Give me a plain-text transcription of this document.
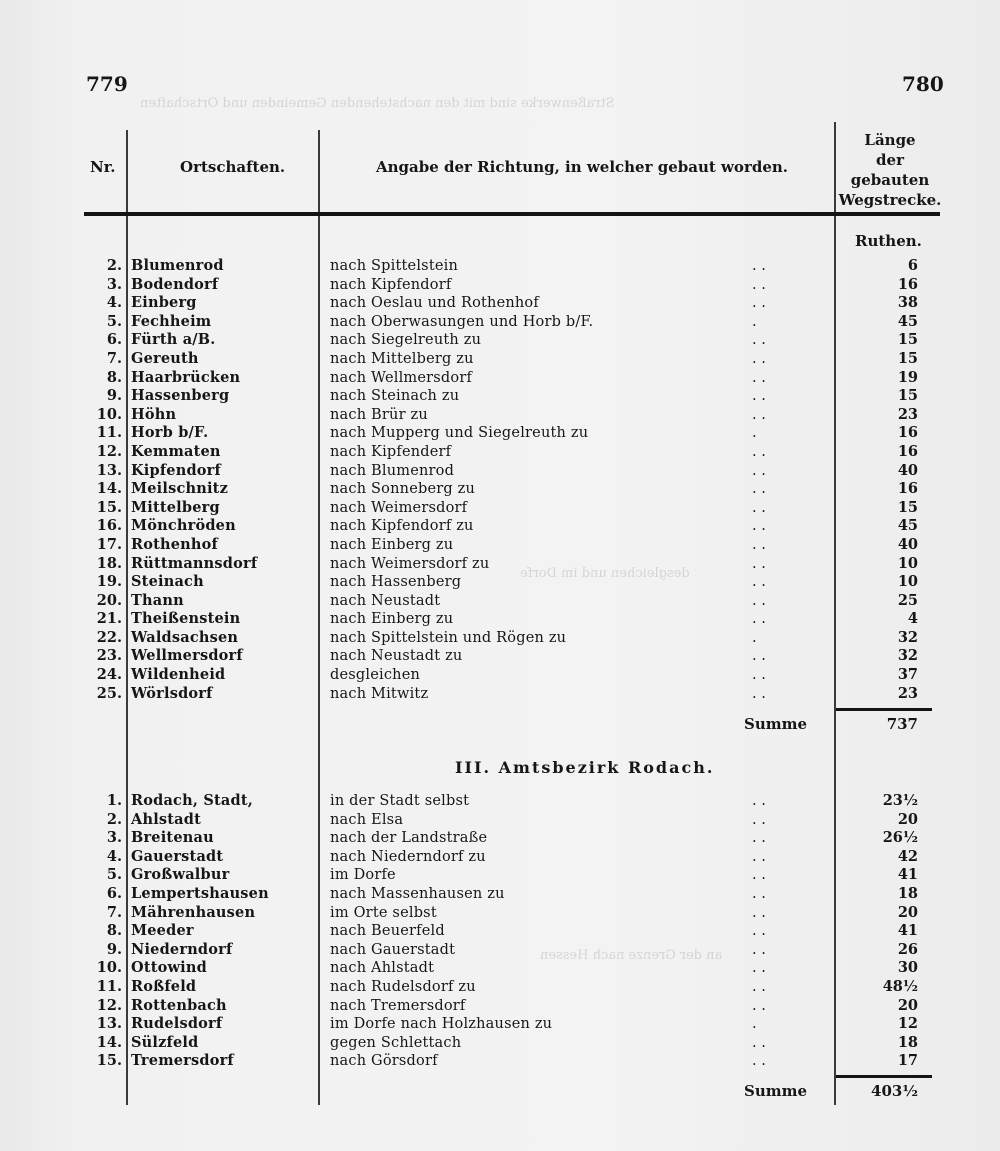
Straßenwerke sind mit den nachstehenden Gemeinden und Ortschaften
desgleichen und im Dorfe
an der Grenze nach Hessen
779	780
Nr.	Ortschaften.	Angabe der Richtung, in welcher gebaut worden.
Länge
der
gebauten
Wegstrecke.
Ruthen.
2. Blumenrod	nach Spittelstein	. .	6
3. Bodendorf	nach Kipfendorf	. .	16
4. Einberg	nach Oeslau und Rothenhof	. .	38
5. Fechheim	nach Oberwasungen und Horb b/F.	.	45
6. Fürth a/B.	nach Siegelreuth zu	. .	15
7. Gereuth	nach Mittelberg zu	. .	15
8. Haarbrücken	nach Wellmersdorf	. .	19
9. Hassenberg	nach Steinach zu	. .	15
10. Höhn	nach Brür zu	. .	23
11. Horb b/F.	nach Mupperg und Siegelreuth zu	.	16
12. Kemmaten	nach Kipfenderf	. .	16
13. Kipfendorf	nach Blumenrod	. .	40
14. Meilschnitz	nach Sonneberg zu	. .	16
15. Mittelberg	nach Weimersdorf	. .	15
16. Mönchröden	nach Kipfendorf zu	. .	45
17. Rothenhof	nach Einberg zu	. .	40
18. Rüttmannsdorf	nach Weimersdorf zu	. .	10
19. Steinach	nach Hassenberg	. .	10
20. Thann	nach Neustadt	. .	25
21. Theißenstein	nach Einberg zu	. .	4
22. Waldsachsen	nach Spittelstein und Rögen zu	.	32
23. Wellmersdorf	nach Neustadt zu	. .	32
24. Wildenheid	desgleichen	. .	37
25. Wörlsdorf	nach Mitwitz	. .	23
Summe	737
III. Amtsbezirk Rodach.
1. Rodach, Stadt,	in der Stadt selbst	. .	23½
2. Ahlstadt	nach Elsa	. .	20
3. Breitenau	nach der Landstraße	. .	26½
4. Gauerstadt	nach Niederndorf zu	. .	42
5. Großwalbur	im Dorfe	. .	41
6. Lempertshausen	nach Massenhausen zu	. .	18
7. Mährenhausen	im Orte selbst	. .	20
8. Meeder	nach Beuerfeld	. .	41
9. Niederndorf	nach Gauerstadt	. .	26
10. Ottowind	nach Ahlstadt	. .	30
11. Roßfeld	nach Rudelsdorf zu	. .	48½
12. Rottenbach	nach Tremersdorf	. .	20
13. Rudelsdorf	im Dorfe nach Holzhausen zu	.	12
14. Sülzfeld	gegen Schlettach	. .	18
15. Tremersdorf	nach Görsdorf	. .	17
Summe	403½
